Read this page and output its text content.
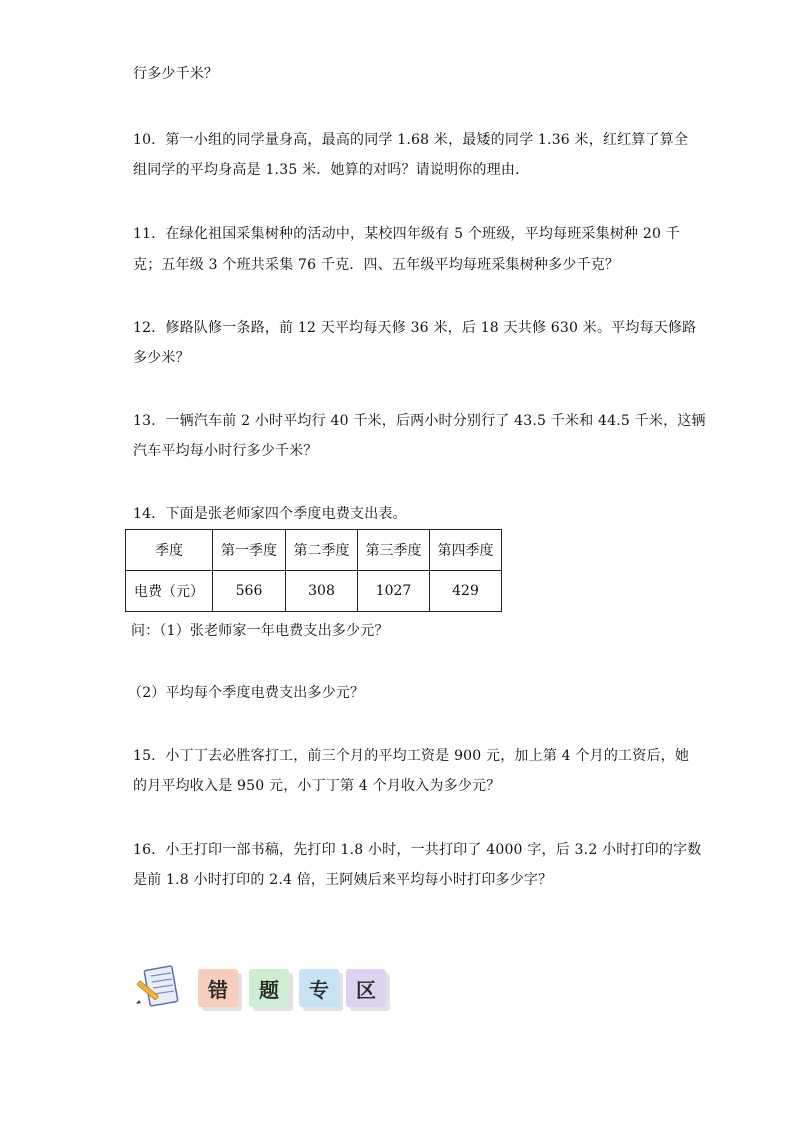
行多少千米？
10．第一小组的同学量身高，最高的同学 1.68 米，最矮的同学 1.36 米，红红算了算全
组同学的平均身高是 1.35 米．她算的对吗？请说明你的理由．
11．在绿化祖国采集树种的活动中，某校四年级有 5 个班级，平均每班采集树种 20 千
克；五年级 3 个班共采集 76 千克．四、五年级平均每班采集树种多少千克？
12．修路队修一条路，前 12 天平均每天修 36 米，后 18 天共修 630 米。平均每天修路
多少米？
13．一辆汽车前 2 小时平均行 40 千米，后两小时分别行了 43.5 千米和 44.5 千米，这辆
汽车平均每小时行多少千米？
14．下面是张老师家四个季度电费支出表。
季度	第一季度	第二季度	第三季度	第四季度
电费（元）	566	308	1027	429
问：（1）张老师家一年电费支出多少元？
（2）平均每个季度电费支出多少元？
15．小丁丁去必胜客打工，前三个月的平均工资是 900 元，加上第 4 个月的工资后，她
的月平均收入是 950 元，小丁丁第 4 个月收入为多少元？
16．小王打印一部书稿，先打印 1.8 小时，一共打印了 4000 字，后 3.2 小时打印的字数
是前 1.8 小时打印的 2.4 倍，王阿姨后来平均每小时打印多少字？
错 题 专 区
